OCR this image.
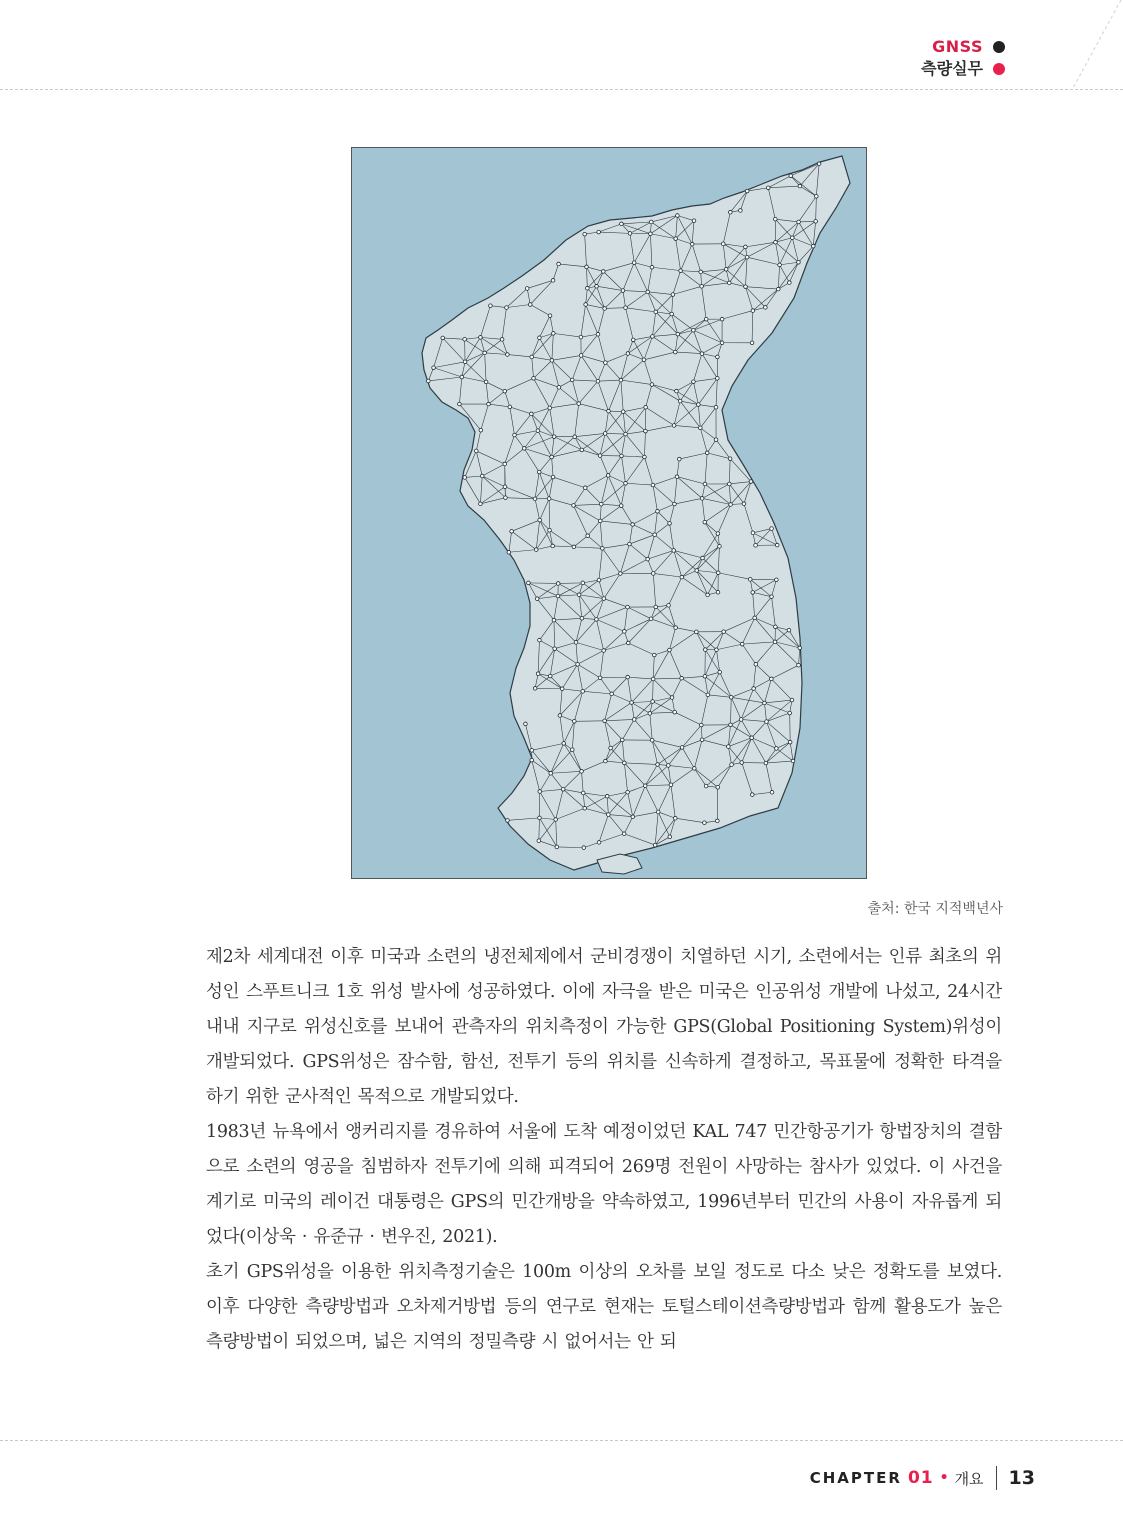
GNSS
측량실무
출처: 한국 지적백년사

제2차 세계대전 이후 미국과 소련의 냉전체제에서 군비경쟁이 치열하던 시기, 소련에서는 인류 최초의 위성인 스푸트니크 1호 위성 발사에 성공하였다. 이에 자극을 받은 미국은 인공위성 개발에 나섰고, 24시간 내내 지구로 위성신호를 보내어 관측자의 위치측정이 가능한 GPS(Global Positioning System)위성이 개발되었다. GPS위성은 잠수함, 함선, 전투기 등의 위치를 신속하게 결정하고, 목표물에 정확한 타격을 하기 위한 군사적인 목적으로 개발되었다.

1983년 뉴욕에서 앵커리지를 경유하여 서울에 도착 예정이었던 KAL 747 민간항공기가 항법장치의 결함으로 소련의 영공을 침범하자 전투기에 의해 피격되어 269명 전원이 사망하는 참사가 있었다. 이 사건을 계기로 미국의 레이건 대통령은 GPS의 민간개방을 약속하였고, 1996년부터 민간의 사용이 자유롭게 되었다(이상욱 · 유준규 · 변우진, 2021).

초기 GPS위성을 이용한 위치측정기술은 100m 이상의 오차를 보일 정도로 다소 낮은 정확도를 보였다. 이후 다양한 측량방법과 오차제거방법 등의 연구로 현재는 토털스테이션측량방법과 함께 활용도가 높은 측량방법이 되었으며, 넓은 지역의 정밀측량 시 없어서는 안 되

CHAPTER 01 • 개요 13
